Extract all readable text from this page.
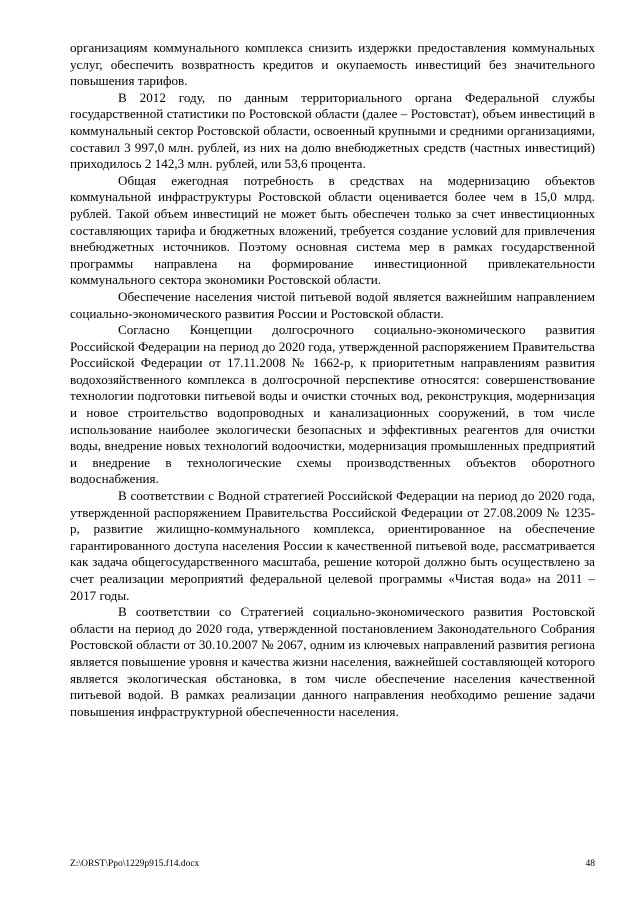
организациям коммунального комплекса снизить издержки предоставления коммунальных услуг, обеспечить возвратность кредитов и окупаемость инвестиций без значительного повышения тарифов.

В 2012 году, по данным территориального органа Федеральной службы государственной статистики по Ростовской области (далее – Ростовстат), объем инвестиций в коммунальный сектор Ростовской области, освоенный крупными и средними организациями, составил 3 997,0 млн. рублей, из них на долю внебюджетных средств (частных инвестиций) приходилось 2 142,3 млн. рублей, или 53,6 процента.

Общая ежегодная потребность в средствах на модернизацию объектов коммунальной инфраструктуры Ростовской области оценивается более чем в 15,0 млрд. рублей. Такой объем инвестиций не может быть обеспечен только за счет инвестиционных составляющих тарифа и бюджетных вложений, требуется создание условий для привлечения внебюджетных источников. Поэтому основная система мер в рамках государственной программы направлена на формирование инвестиционной привлекательности коммунального сектора экономики Ростовской области.

Обеспечение населения чистой питьевой водой является важнейшим направлением социально-экономического развития России и Ростовской области.

Согласно Концепции долгосрочного социально-экономического развития Российской Федерации на период до 2020 года, утвержденной распоряжением Правительства Российской Федерации от 17.11.2008 № 1662-р, к приоритетным направлениям развития водохозяйственного комплекса в долгосрочной перспективе относятся: совершенствование технологии подготовки питьевой воды и очистки сточных вод, реконструкция, модернизация и новое строительство водопроводных и канализационных сооружений, в том числе использование наиболее экологически безопасных и эффективных реагентов для очистки воды, внедрение новых технологий водоочистки, модернизация промышленных предприятий и внедрение в технологические схемы производственных объектов оборотного водоснабжения.

В соответствии с Водной стратегией Российской Федерации на период до 2020 года, утвержденной распоряжением Правительства Российской Федерации от 27.08.2009 № 1235-р, развитие жилищно-коммунального комплекса, ориентированное на обеспечение гарантированного доступа населения России к качественной питьевой воде, рассматривается как задача общегосударственного масштаба, решение которой должно быть осуществлено за счет реализации мероприятий федеральной целевой программы «Чистая вода» на 2011 – 2017 годы.

В соответствии со Стратегией социально-экономического развития Ростовской области на период до 2020 года, утвержденной постановлением Законодательного Собрания Ростовской области от 30.10.2007 № 2067, одним из ключевых направлений развития региона является повышение уровня и качества жизни населения, важнейшей составляющей которого является экологическая обстановка, в том числе обеспечение населения качественной питьевой водой. В рамках реализации данного направления необходимо решение задачи повышения инфраструктурной обеспеченности населения.

Z:\ORST\Ppo\1229p915.f14.docx	48
